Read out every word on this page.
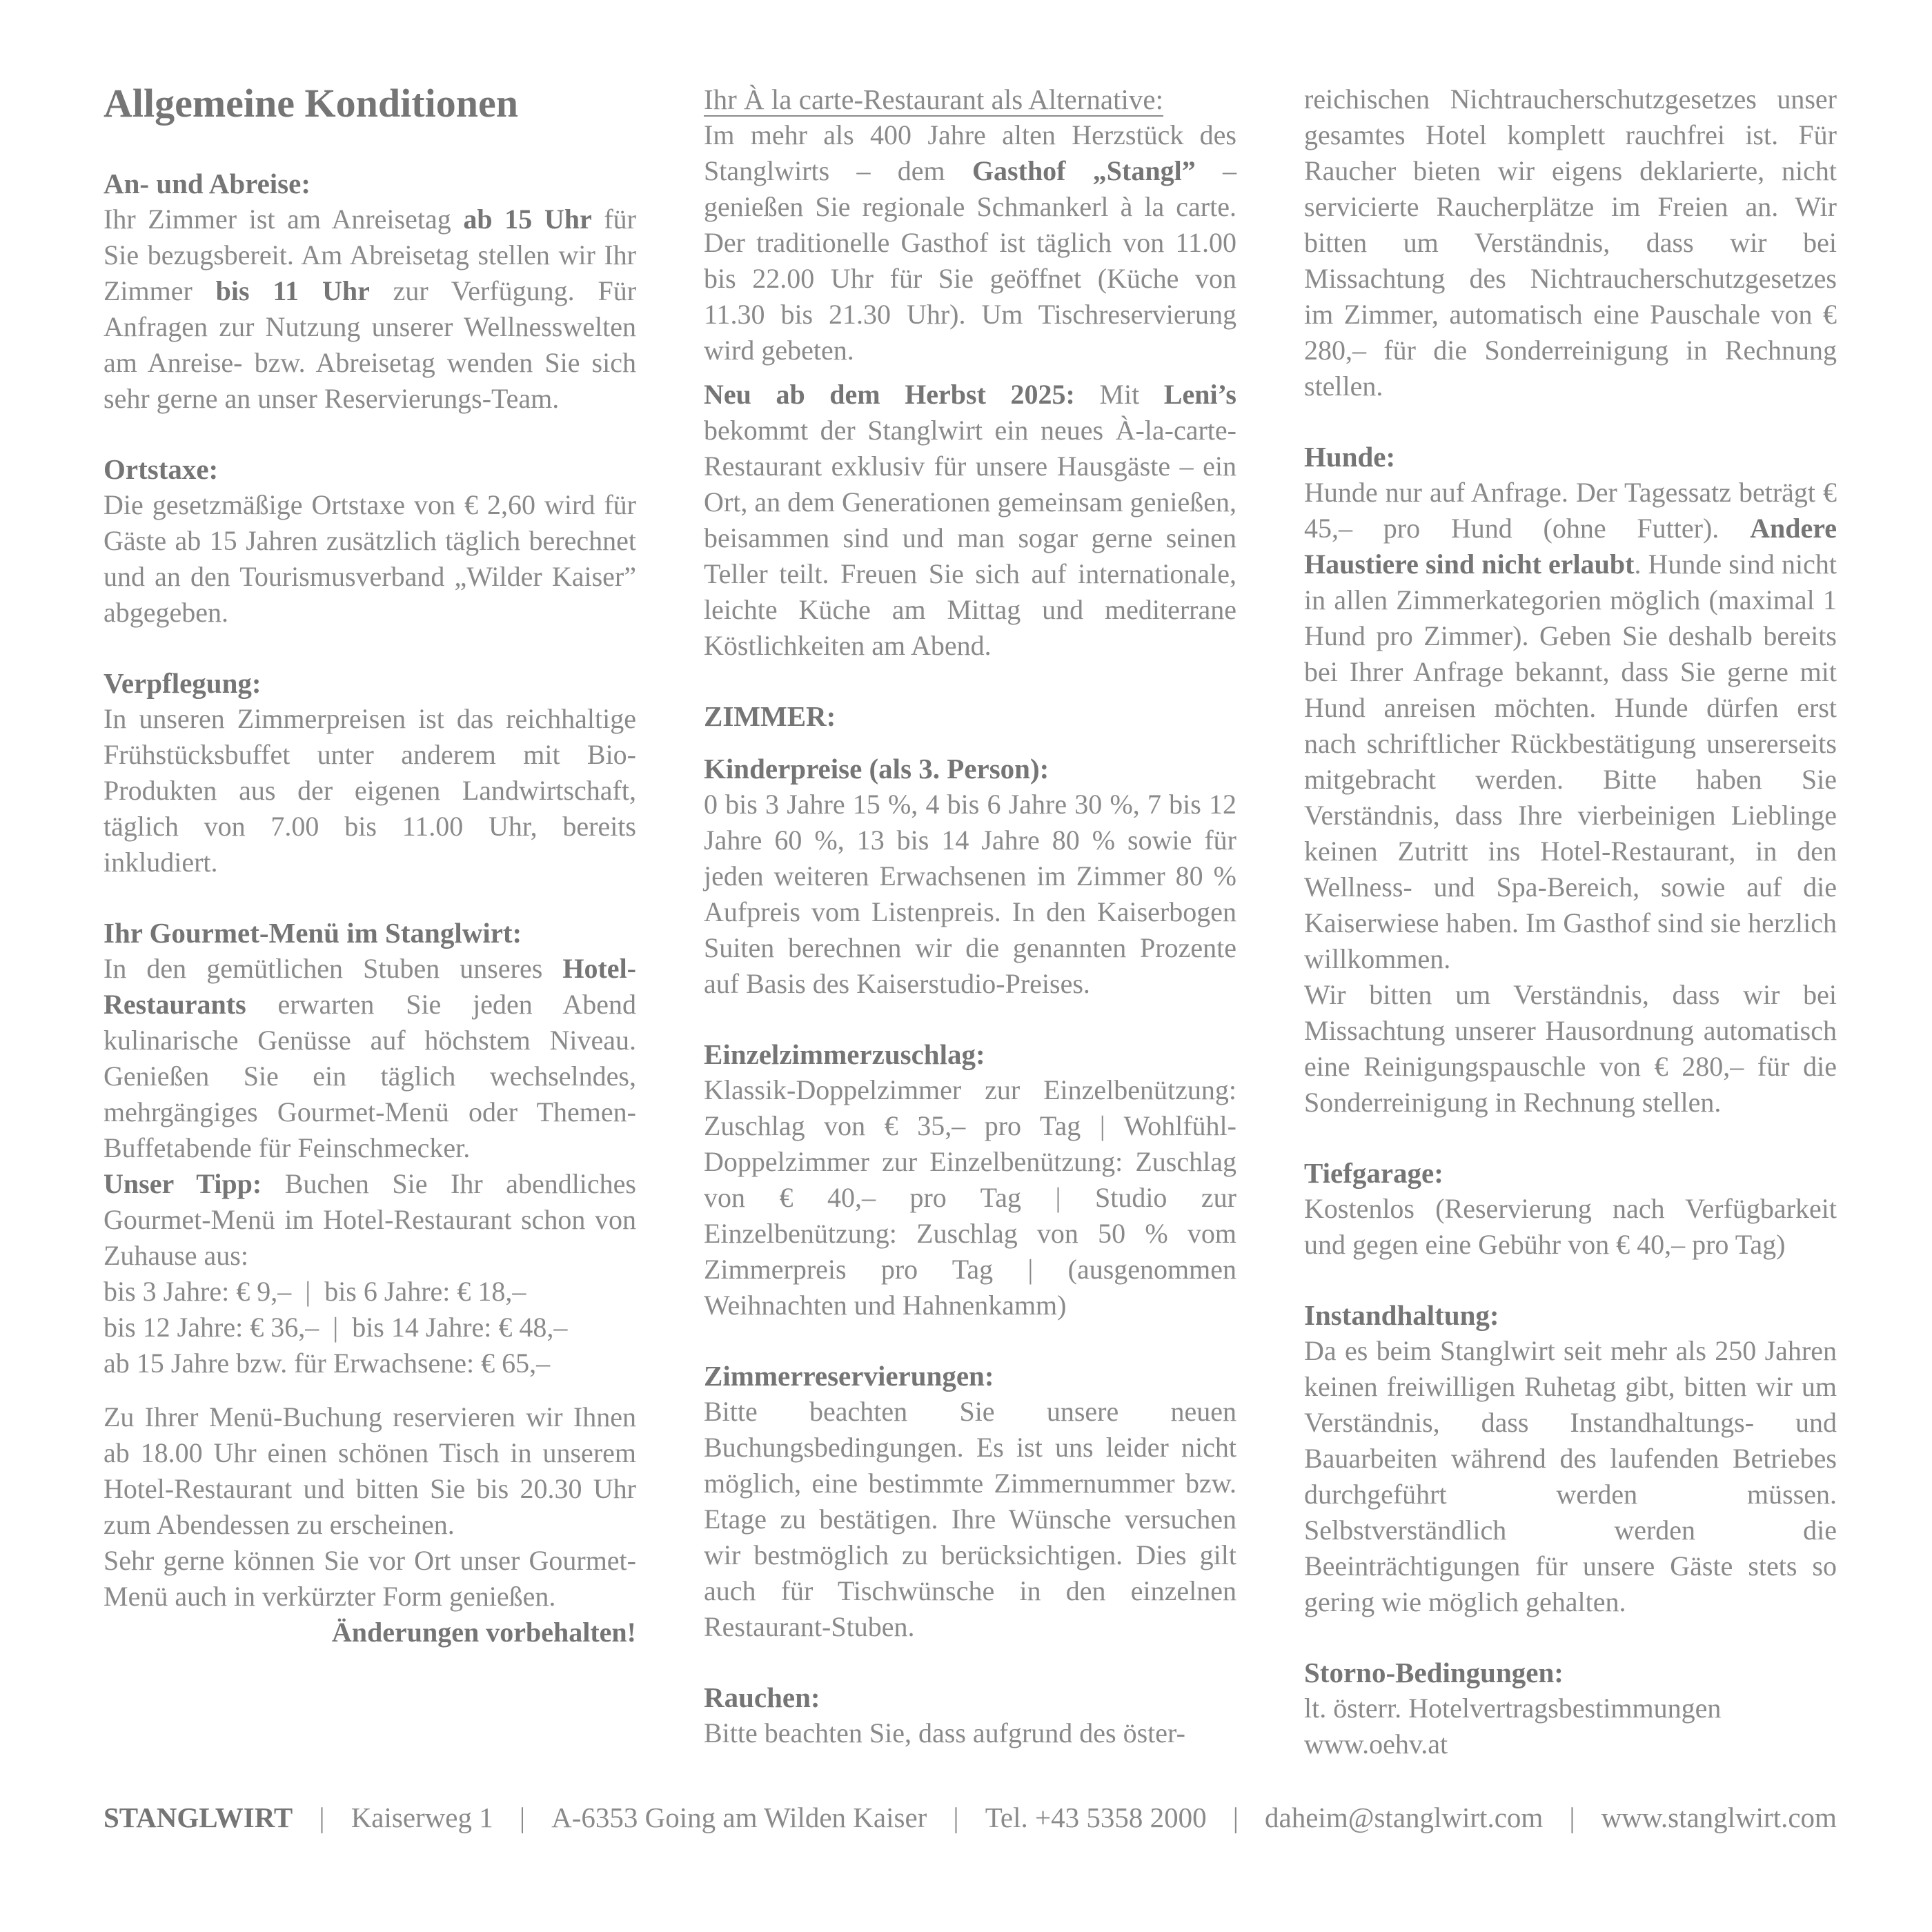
Allgemeine Konditionen
An- und Abreise:

Ihr Zimmer ist am Anreisetag ab 15 Uhr für Sie bezugsbereit. Am Abreisetag stellen wir Ihr Zimmer bis 11 Uhr zur Verfügung. Für Anfragen zur Nutzung unserer Wellnesswelten am Anreise- bzw. Abreisetag wenden Sie sich sehr gerne an unser Reservierungs-Team.

Ortstaxe:

Die gesetzmäßige Ortstaxe von € 2,60 wird für Gäste ab 15 Jahren zusätzlich täglich berechnet und an den Tourismusverband „Wilder Kaiser” abgegeben.

Verpflegung:

In unseren Zimmerpreisen ist das reichhaltige Frühstücksbuffet unter anderem mit Bio-Produkten aus der eigenen Landwirtschaft, täglich von 7.00 bis 11.00 Uhr, bereits inkludiert.

Ihr Gourmet-Menü im Stanglwirt:

In den gemütlichen Stuben unseres Hotel-Restaurants erwarten Sie jeden Abend kulinarische Genüsse auf höchstem Niveau. Genießen Sie ein täglich wechselndes, mehrgängiges Gourmet-Menü oder Themen-Buffetabende für Feinschmecker.

Unser Tipp: Buchen Sie Ihr abendliches Gourmet-Menü im Hotel-Restaurant schon von Zuhause aus:

bis 3 Jahre: € 9,– | bis 6 Jahre: € 18,–

bis 12 Jahre: € 36,– | bis 14 Jahre: € 48,–

ab 15 Jahre bzw. für Erwachsene: € 65,–

Zu Ihrer Menü-Buchung reservieren wir Ihnen ab 18.00 Uhr einen schönen Tisch in unserem Hotel-Restaurant und bitten Sie bis 20.30 Uhr zum Abendessen zu erscheinen.

Sehr gerne können Sie vor Ort unser Gourmet-Menü auch in verkürzter Form genießen.
Änderungen vorbehalten!

Ihr À la carte-Restaurant als Alternative:

Im mehr als 400 Jahre alten Herzstück des Stanglwirts – dem Gasthof „Stangl” – genießen Sie regionale Schmankerl à la carte. Der traditionelle Gasthof ist täglich von 11.00 bis 22.00 Uhr für Sie geöffnet (Küche von 11.30 bis 21.30 Uhr). Um Tischreservierung wird gebeten.

Neu ab dem Herbst 2025: Mit Leni’s bekommt der Stanglwirt ein neues À-la-carte-Restaurant exklusiv für unsere Hausgäste – ein Ort, an dem Generationen gemeinsam genießen, beisammen sind und man sogar gerne seinen Teller teilt. Freuen Sie sich auf internationale, leichte Küche am Mittag und mediterrane Köstlichkeiten am Abend.

ZIMMER:
Kinderpreise (als 3. Person):

0 bis 3 Jahre 15 %, 4 bis 6 Jahre 30 %, 7 bis 12 Jahre 60 %, 13 bis 14 Jahre 80 % sowie für jeden weiteren Erwachsenen im Zimmer 80 % Aufpreis vom Listenpreis. In den Kaiserbogen Suiten berechnen wir die genannten Prozente auf Basis des Kaiserstudio-Preises.

Einzelzimmerzuschlag:

Klassik-Doppelzimmer zur Einzelbenützung: Zuschlag von € 35,– pro Tag | Wohlfühl-Doppelzimmer zur Einzelbenützung: Zuschlag von € 40,– pro Tag | Studio zur Einzelbenützung: Zuschlag von 50 % vom Zimmerpreis pro Tag | (ausgenommen Weihnachten und Hahnenkamm)

Zimmerreservierungen:

Bitte beachten Sie unsere neuen Buchungsbedingungen. Es ist uns leider nicht möglich, eine bestimmte Zimmernummer bzw. Etage zu bestätigen. Ihre Wünsche versuchen wir bestmöglich zu berücksichtigen. Dies gilt auch für Tischwünsche in den einzelnen Restaurant-Stuben.

Rauchen:

Bitte beachten Sie, dass aufgrund des öster-

reichischen Nichtraucherschutzgesetzes unser gesamtes Hotel komplett rauchfrei ist. Für Raucher bieten wir eigens deklarierte, nicht servicierte Raucherplätze im Freien an. Wir bitten um Verständnis, dass wir bei Missachtung des Nichtraucherschutzgesetzes im Zimmer, automatisch eine Pauschale von € 280,– für die Sonderreinigung in Rechnung stellen.

Hunde:

Hunde nur auf Anfrage. Der Tagessatz beträgt € 45,– pro Hund (ohne Futter). Andere Haustiere sind nicht erlaubt. Hunde sind nicht in allen Zimmerkategorien möglich (maximal 1 Hund pro Zimmer). Geben Sie deshalb bereits bei Ihrer Anfrage bekannt, dass Sie gerne mit Hund anreisen möchten. Hunde dürfen erst nach schriftlicher Rückbestätigung unsererseits mitgebracht werden. Bitte haben Sie Verständnis, dass Ihre vierbeinigen Lieblinge keinen Zutritt ins Hotel-Restaurant, in den Wellness- und Spa-Bereich, sowie auf die Kaiserwiese haben. Im Gasthof sind sie herzlich willkommen.

Wir bitten um Verständnis, dass wir bei Missachtung unserer Hausordnung automatisch eine Reinigungspauschle von € 280,– für die Sonderreinigung in Rechnung stellen.

Tiefgarage:

Kostenlos (Reservierung nach Verfügbarkeit und gegen eine Gebühr von € 40,– pro Tag)

Instandhaltung:

Da es beim Stanglwirt seit mehr als 250 Jahren keinen freiwilligen Ruhetag gibt, bitten wir um Verständnis, dass Instandhaltungs- und Bauarbeiten während des laufenden Betriebes durchgeführt werden müssen. Selbstverständlich werden die Beeinträchtigungen für unsere Gäste stets so gering wie möglich gehalten.

Storno-Bedingungen:

lt. österr. Hotelvertragsbestimmungen

www.oehv.at

STANGLWIRT | Kaiserweg 1 | A-6353 Going am Wilden Kaiser | Tel. +43 5358 2000 | daheim@stanglwirt.com | www.stanglwirt.com
